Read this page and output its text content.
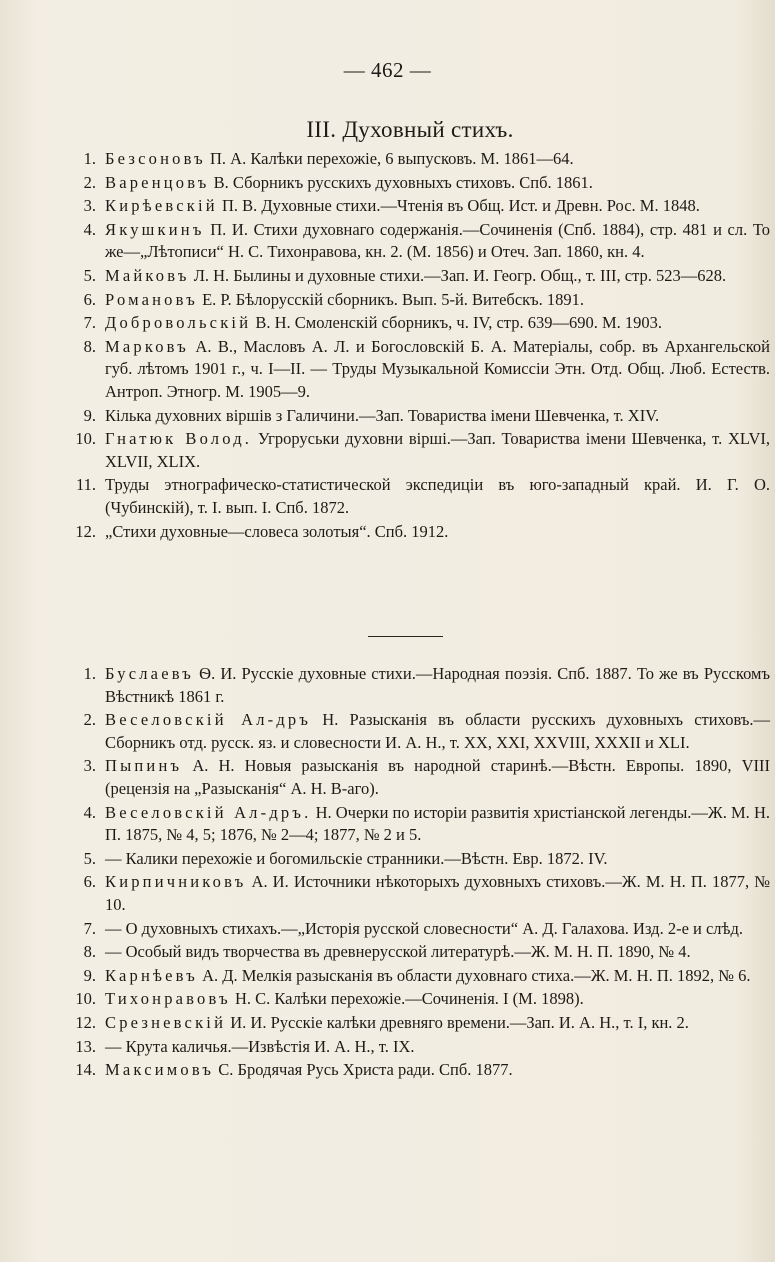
— 462 —
III. Духовный стихъ.
1. Безсоновъ П. А. Калѣки перехожіе, 6 выпусковъ. М. 1861—64.
2. Варенцовъ В. Сборникъ русскихъ духовныхъ стиховъ. Спб. 1861.
3. Кирѣевскій П. В. Духовные стихи.—Чтенія въ Общ. Ист. и Древн. Рос. М. 1848.
4. Якушкинъ П. И. Стихи духовнаго содержанія.—Сочиненія (Спб. 1884), стр. 481 и сл. То же—„Лѣтописи“ Н. С. Тихонравова, кн. 2. (М. 1856) и Отеч. Зап. 1860, кн. 4.
5. Майковъ Л. Н. Былины и духовные стихи.—Зап. И. Геогр. Общ., т. III, стр. 523—628.
6. Романовъ Е. Р. Бѣлорусскій сборникъ. Вып. 5-й. Витебскъ. 1891.
7. Добровольскій В. Н. Смоленскій сборникъ, ч. IV, стр. 639—690. М. 1903.
8. Марковъ А. В., Масловъ А. Л. и Богословскій Б. А. Матеріалы, собр. въ Архангельской губ. лѣтомъ 1901 г., ч. I—II. — Труды Музыкальной Комиссіи Этн. Отд. Общ. Люб. Естеств. Антроп. Этногр. М. 1905—9.
9. Кілька духовних віршів з Галичини.—Зап. Товариства імени Шевченка, т. XIV.
10. Гнатюк Волод. Угроруськи духовни вірші.—Зап. Товариства імени Шевченка, т. XLVI, XLVII, XLIX.
11. Труды этнографическо-статистической экспедиціи въ юго-западный край. И. Г. О. (Чубинскій), т. I. вып. I. Спб. 1872.
12. „Стихи духовные—словеса золотыя“. Спб. 1912.
1. Буслаевъ Ѳ. И. Русскіе духовные стихи.—Народная поэзія. Спб. 1887. То же въ Русскомъ Вѣстникѣ 1861 г.
2. Веселовскій Ал-дръ Н. Разысканія въ области русскихъ духовныхъ стиховъ.—Сборникъ отд. русск. яз. и словесности И. А. Н., т. XX, XXI, XXVIII, XXXII и XLI.
3. Пыпинъ А. Н. Новыя разысканія въ народной старинѣ.—Вѣстн. Европы. 1890, VIII (рецензія на „Разысканія“ А. Н. В-аго).
4. Веселовскій Ал-дръ. Н. Очерки по исторіи развитія христіанской легенды.—Ж. М. Н. П. 1875, № 4, 5; 1876, № 2—4; 1877, № 2 и 5.
5. — Калики перехожіе и богомильскіе странники.—Вѣстн. Евр. 1872. IV.
6. Кирпичниковъ А. И. Источники нѣкоторыхъ духовныхъ стиховъ.—Ж. М. Н. П. 1877, № 10.
7. — О духовныхъ стихахъ.—„Исторія русской словесности“ А. Д. Галахова. Изд. 2-е и слѣд.
8. — Особый видъ творчества въ древнерусской литературѣ.—Ж. М. Н. П. 1890, № 4.
9. Карнѣевъ А. Д. Мелкія разысканія въ области духовнаго стиха.—Ж. М. Н. П. 1892, № 6.
10. Тихонравовъ Н. С. Калѣки перехожіе.—Сочиненія. I (М. 1898).
12. Срезневскій И. И. Русскіе калѣки древняго времени.—Зап. И. А. Н., т. I, кн. 2.
13. — Крута каличья.—Извѣстія И. А. Н., т. IX.
14. Максимовъ С. Бродячая Русь Христа ради. Спб. 1877.
